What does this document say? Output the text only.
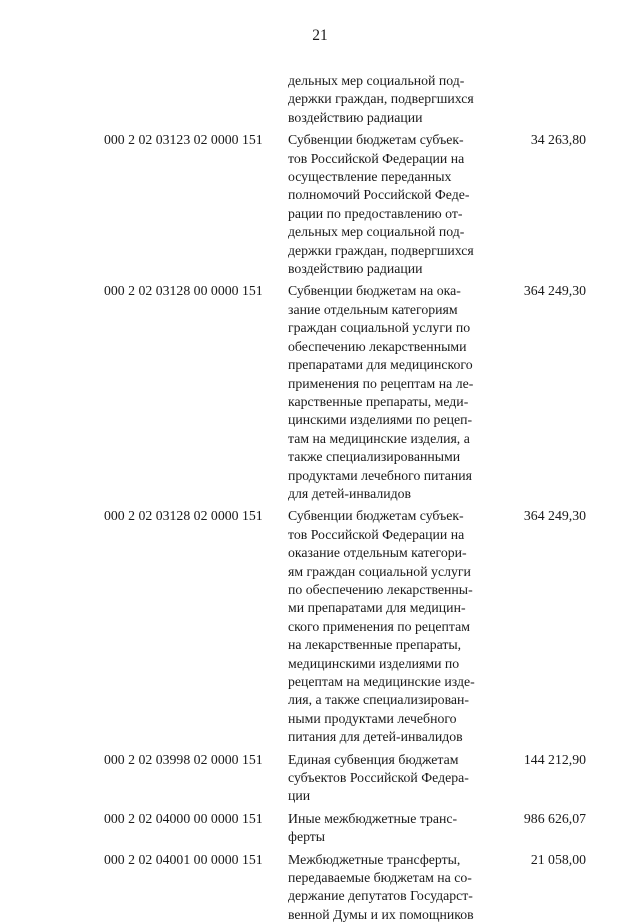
21
дельных мер социальной под-
держки граждан, подвергшихся
воздействию радиации
000 2 02 03123 02 0000 151 Субвенции бюджетам субъек-
тов Российской Федерации на
осуществление переданных
полномочий Российской Феде-
рации по предоставлению от-
дельных мер социальной под-
держки граждан, подвергшихся
воздействию радиации
34 263,80
000 2 02 03128 00 0000 151 Субвенции бюджетам на ока-
зание отдельным категориям
граждан социальной услуги по
обеспечению лекарственными
препаратами для медицинского
применения по рецептам на ле-
карственные препараты, меди-
цинскими изделиями по рецеп-
там на медицинские изделия, а
также специализированными
продуктами лечебного питания
для детей-инвалидов
364 249,30
000 2 02 03128 02 0000 151 Субвенции бюджетам субъек-
тов Российской Федерации на
оказание отдельным категори-
ям граждан социальной услуги
по обеспечению лекарственны-
ми препаратами для медицин-
ского применения по рецептам
на лекарственные препараты,
медицинскими изделиями по
рецептам на медицинские изде-
лия, а также специализирован-
ными продуктами лечебного
питания для детей-инвалидов
364 249,30
000 2 02 03998 02 0000 151 Единая субвенция бюджетам
субъектов Российской Федера-
ции
144 212,90
000 2 02 04000 00 0000 151 Иные межбюджетные транс-
ферты
986 626,07
000 2 02 04001 00 0000 151 Межбюджетные трансферты,
передаваемые бюджетам на со-
держание депутатов Государст-
венной Думы и их помощников
21 058,00
